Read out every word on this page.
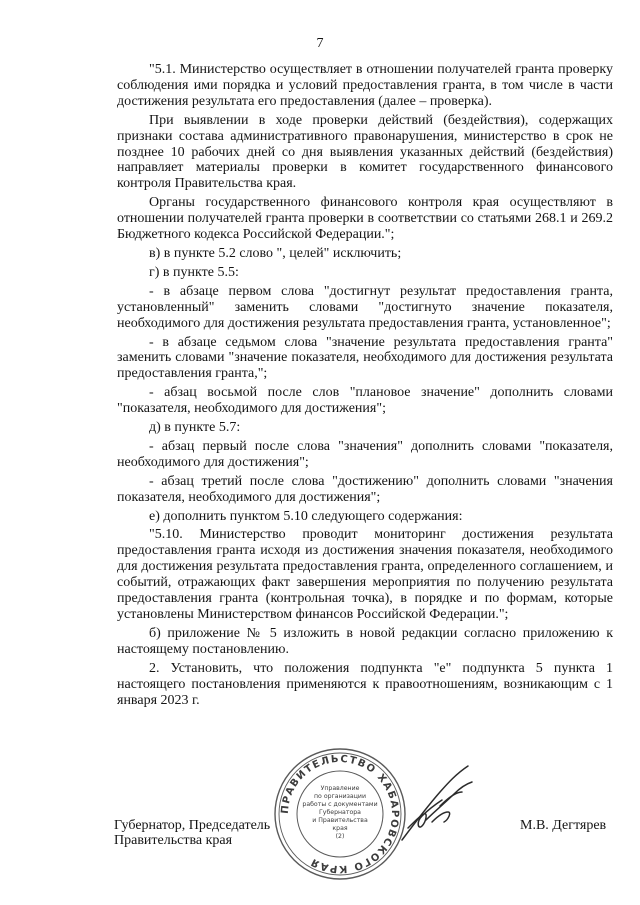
7

"5.1. Министерство осуществляет в отношении получателей гранта проверку соблюдения ими порядка и условий предоставления гранта, в том числе в части достижения результата его предоставления (далее – проверка).

При выявлении в ходе проверки действий (бездействия), содержащих признаки состава административного правонарушения, министерство в срок не позднее 10 рабочих дней со дня выявления указанных действий (бездействия) направляет материалы проверки в комитет государственного финансового контроля Правительства края.

Органы государственного финансового контроля края осуществляют в отношении получателей гранта проверки в соответствии со статьями 268.1 и 269.2 Бюджетного кодекса Российской Федерации.";

в) в пункте 5.2 слово ", целей" исключить;

г) в пункте 5.5:

- в абзаце первом слова "достигнут результат предоставления гранта, установленный" заменить словами "достигнуто значение показателя, необходимого для достижения результата предоставления гранта, установленное";

- в абзаце седьмом слова "значение результата предоставления гранта" заменить словами "значение показателя, необходимого для достижения результата предоставления гранта,";

- абзац восьмой после слов "плановое значение" дополнить словами "показателя, необходимого для достижения";

д) в пункте 5.7:

- абзац первый после слова "значения" дополнить словами "показателя, необходимого для достижения";

- абзац третий после слова "достижению" дополнить словами "значения показателя, необходимого для достижения";

е) дополнить пунктом 5.10 следующего содержания:

"5.10. Министерство проводит мониторинг достижения результата предоставления гранта исходя из достижения значения показателя, необходимого для достижения результата предоставления гранта, определенного соглашением, и событий, отражающих факт завершения мероприятия по получению результата предоставления гранта (контрольная точка), в порядке и по формам, которые установлены Министерством финансов Российской Федерации.";

б) приложение № 5 изложить в новой редакции согласно приложению к настоящему постановлению.

2. Установить, что положения подпункта "е" подпункта 5 пункта 1 настоящего постановления применяются к правоотношениям, возникающим с 1 января 2023 г.

ПРАВИТЕЛЬСТВО ХАБАРОВСКОГО КРАЯ
Управление
по организации
работы с документами
Губернатора
и Правительства
края
(2)
Губернатор, Председатель
Правительства края
М.В. Дегтярев
